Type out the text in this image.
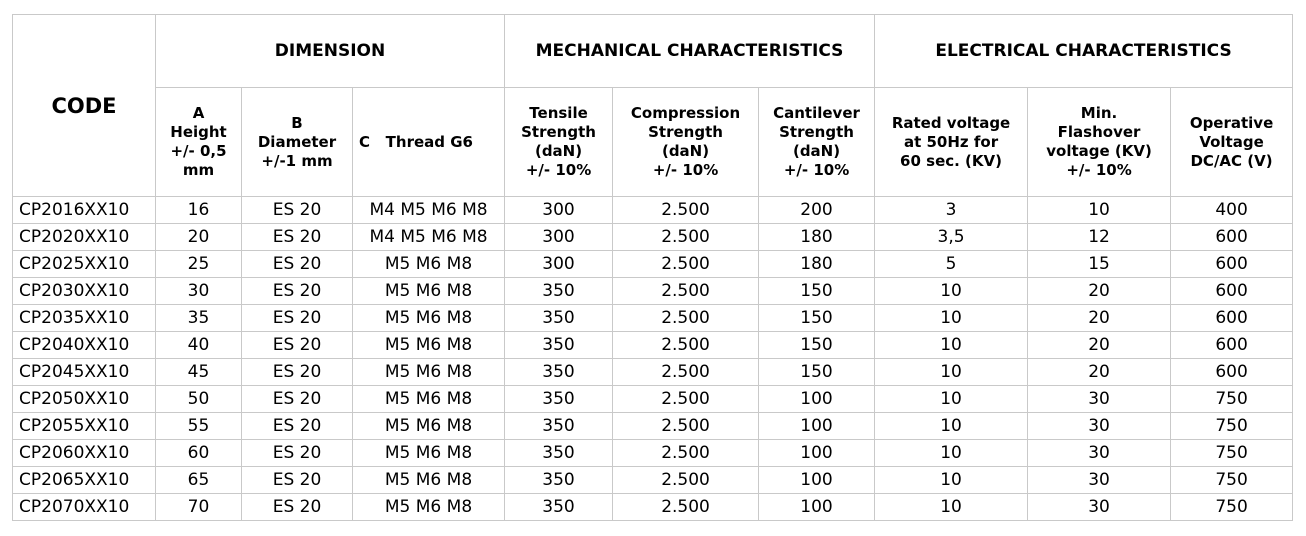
CODE	DIMENSION			MECHANICAL CHARACTERISTICS			ELECTRICAL CHARACTERISTICS		

	A
Height
+/- 0,5
mm	B
Diameter
+/-1 mm	C   Thread G6	Tensile
Strength
(daN)
+/- 10%	Compression
Strength
(daN)
+/- 10%	Cantilever
Strength
(daN)
+/- 10%	Rated voltage
at 50Hz for
60 sec. (KV)	Min.
Flashover
voltage (KV)
+/- 10%	Operative
Voltage
DC/AC (V)

CP2016XX10	16	ES 20	M4 M5 M6 M8	300	2.500	200	3	10	400
CP2020XX10	20	ES 20	M4 M5 M6 M8	300	2.500	180	3,5	12	600
CP2025XX10	25	ES 20	M5 M6 M8	300	2.500	180	5	15	600
CP2030XX10	30	ES 20	M5 M6 M8	350	2.500	150	10	20	600
CP2035XX10	35	ES 20	M5 M6 M8	350	2.500	150	10	20	600
CP2040XX10	40	ES 20	M5 M6 M8	350	2.500	150	10	20	600
CP2045XX10	45	ES 20	M5 M6 M8	350	2.500	150	10	20	600
CP2050XX10	50	ES 20	M5 M6 M8	350	2.500	100	10	30	750
CP2055XX10	55	ES 20	M5 M6 M8	350	2.500	100	10	30	750
CP2060XX10	60	ES 20	M5 M6 M8	350	2.500	100	10	30	750
CP2065XX10	65	ES 20	M5 M6 M8	350	2.500	100	10	30	750
CP2070XX10	70	ES 20	M5 M6 M8	350	2.500	100	10	30	750
